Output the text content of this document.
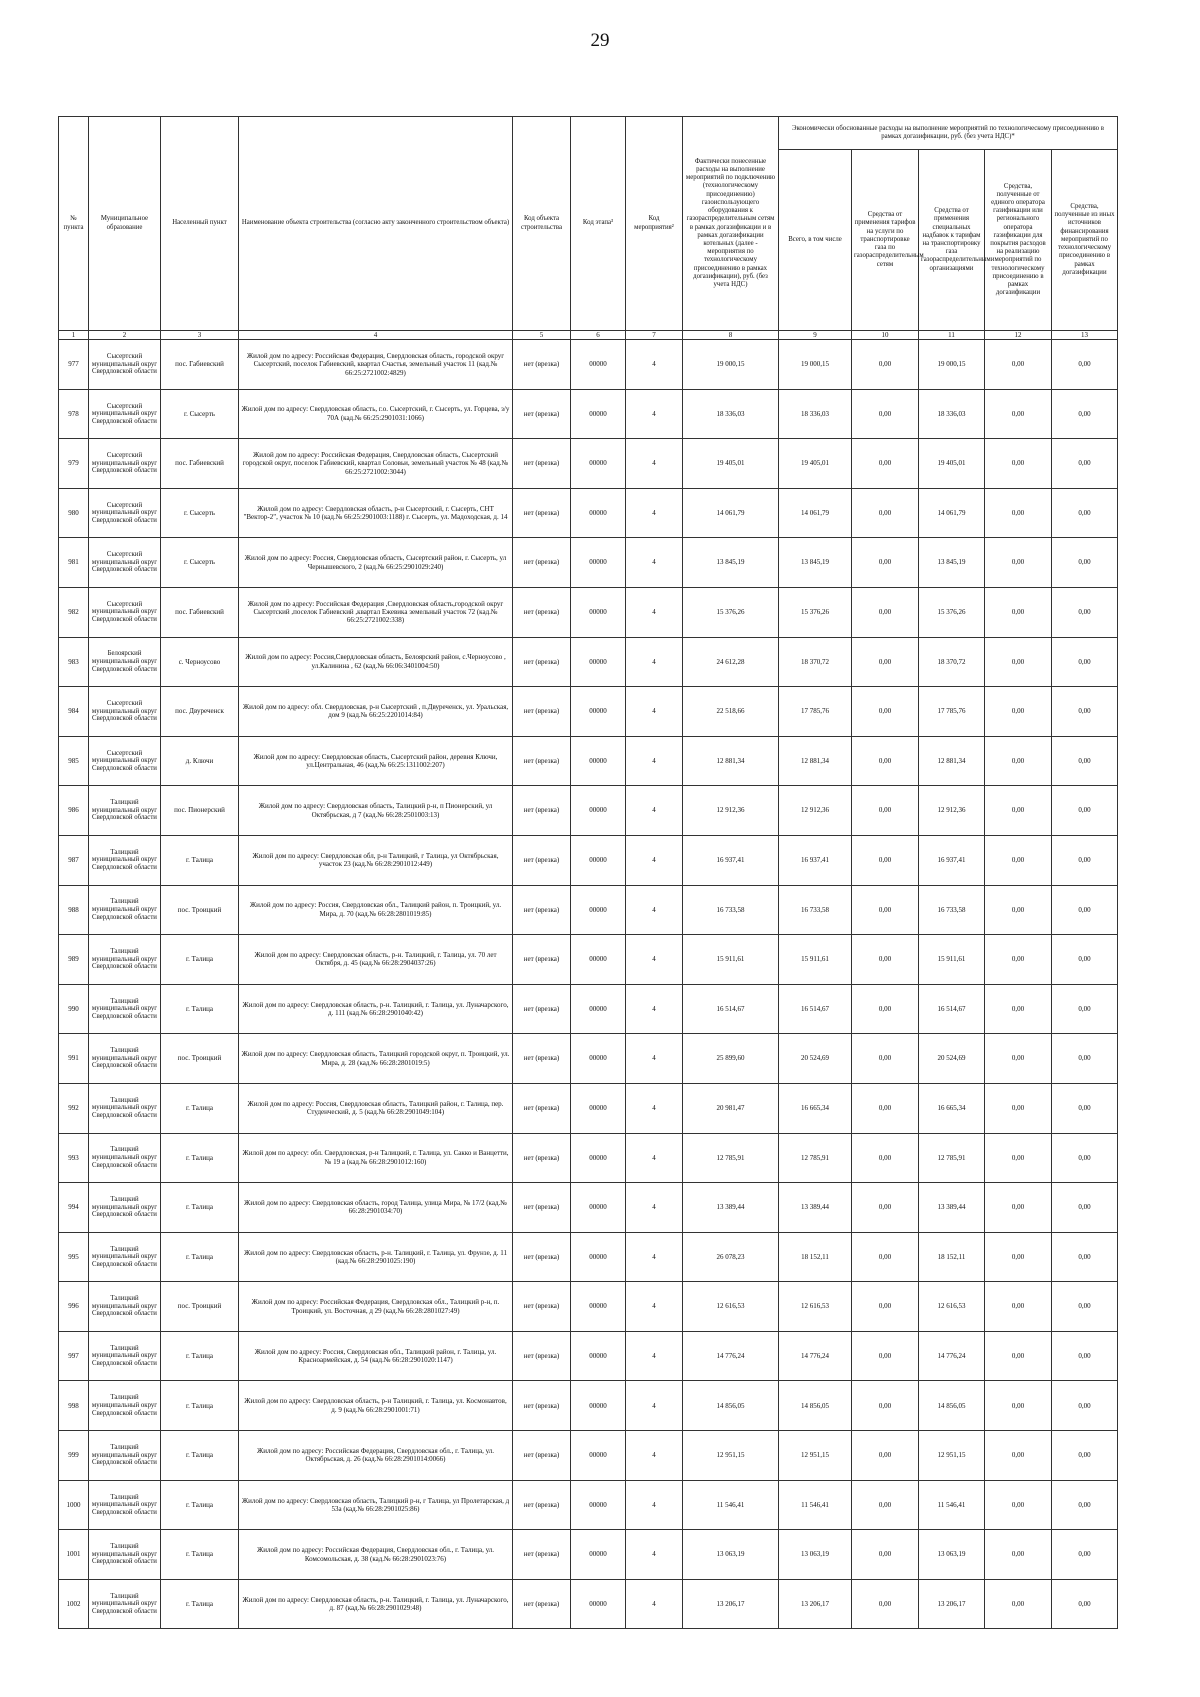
29
№ пункта	Муниципальное образование	Населенный пункт	Наименование объекта строительства (согласно акту законченного строительством объекта)	Код объекта строительства	Код этапа³	Код мероприятия²	Фактически понесенные расходы на выполнение мероприятий по подключению (технологическому присоединению) газоиспользующего оборудования к газораспределительным сетям в рамках догазификации и в рамках догазификации котельных (далее - мероприятия по технологическому присоединению в рамках догазификации), руб. (без учета НДС)	Экономически обоснованные расходы на выполнение мероприятий по технологическому присоединению в рамках догазификации, руб. (без учета НДС)*				
								Всего, в том числе	Средства от применения тарифов на услуги по транспортировке газа по газораспределительным сетям	Средства от применения специальных надбавок к тарифам на транспортировку газа газораспределительными организациями	Средства, полученные от единого оператора газификации или регионального оператора газификации для покрытия расходов на реализацию мероприятий по технологическому присоединению в рамках догазификации	Средства, полученные из иных источников финансирования мероприятий по технологическому присоединению в рамках догазификации
1	2	3	4	5	6	7	8	9	10	11	12	13
977	Сысертский муниципальный округ Свердловской области	пос. Габиевский	Жилой дом по адресу: Российская Федерация, Свердловская область, городской округ Сысертский, поселок Габиевский, квартал Счастья, земельный участок 11 (кад.№ 66:25:2721002:4829)	нет (врезка)	00000	4	19 000,15	19 000,15	0,00	19 000,15	0,00	0,00
978	Сысертский муниципальный округ Свердловской области	г. Сысерть	Жилой дом по адресу: Свердловская область, г.о. Сысертский, г. Сысерть, ул. Горцева, з/у 70А (кад.№ 66:25:2901031:1066)	нет (врезка)	00000	4	18 336,03	18 336,03	0,00	18 336,03	0,00	0,00
979	Сысертский муниципальный округ Свердловской области	пос. Габиевский	Жилой дом по адресу: Российская Федерация, Свердловская область, Сысертский городской округ, поселок Габиевский, квартал Соловьи, земельный участок № 48 (кад.№ 66:25:2721002:3044)	нет (врезка)	00000	4	19 405,01	19 405,01	0,00	19 405,01	0,00	0,00
980	Сысертский муниципальный округ Свердловской области	г. Сысерть	Жилой дом по адресу: Свердловская область, р-н Сысертский, г. Сысерть, СНТ "Вектор-2", участок № 10 (кад.№ 66:25:2901003:1188) г. Сысерть, ул. Мадоходская, д. 14	нет (врезка)	00000	4	14 061,79	14 061,79	0,00	14 061,79	0,00	0,00
981	Сысертский муниципальный округ Свердловской области	г. Сысерть	Жилой дом по адресу: Россия, Свердловская область, Сысертский район, г. Сысерть, ул Чернышевского, 2 (кад.№ 66:25:2901029:240)	нет (врезка)	00000	4	13 845,19	13 845,19	0,00	13 845,19	0,00	0,00
982	Сысертский муниципальный округ Свердловской области	пос. Габиевский	Жилой дом по адресу: Российская Федерация ,Свердловская область,городской округ Сысертский ,поселок Габиевский ,квартал Ежевика земельный участок 72 (кад.№ 66:25:2721002:338)	нет (врезка)	00000	4	15 376,26	15 376,26	0,00	15 376,26	0,00	0,00
983	Белоярский муниципальный округ Свердловской области	с. Черноусово	Жилой дом по адресу: Россия,Свердловская область, Белоярский район, с.Черноусово , ул.Калинина , 62 (кад.№ 66:06:3401004:50)	нет (врезка)	00000	4	24 612,28	18 370,72	0,00	18 370,72	0,00	0,00
984	Сысертский муниципальный округ Свердловской области	пос. Двуреченск	Жилой дом по адресу: обл. Свердловская, р-н Сысертский , п.Двуреченск, ул. Уральская, дом 9 (кад.№ 66:25:2201014:84)	нет (врезка)	00000	4	22 518,66	17 785,76	0,00	17 785,76	0,00	0,00
985	Сысертский муниципальный округ Свердловской области	д. Ключи	Жилой дом по адресу: Свердловская область, Сысертский район, деревня Ключи, ул.Центральная, 46 (кад.№ 66:25:1311002:207)	нет (врезка)	00000	4	12 881,34	12 881,34	0,00	12 881,34	0,00	0,00
986	Талицкий муниципальный округ Свердловской области	пос. Пионерский	Жилой дом по адресу: Свердловская область, Талицкий р-н, п Пионерский, ул Октябрьская, д 7 (кад.№ 66:28:2501003:13)	нет (врезка)	00000	4	12 912,36	12 912,36	0,00	12 912,36	0,00	0,00
987	Талицкий муниципальный округ Свердловской области	г. Талица	Жилой дом по адресу: Свердловская обл, р-н Талицкий, г Талица, ул Октябрьская, участок 23 (кад.№ 66:28:2901012:449)	нет (врезка)	00000	4	16 937,41	16 937,41	0,00	16 937,41	0,00	0,00
988	Талицкий муниципальный округ Свердловской области	пос. Троицкий	Жилой дом по адресу: Россия, Свердловская обл., Талицкий район, п. Троицкий, ул. Мира, д. 70 (кад.№ 66:28:2801019:85)	нет (врезка)	00000	4	16 733,58	16 733,58	0,00	16 733,58	0,00	0,00
989	Талицкий муниципальный округ Свердловской области	г. Талица	Жилой дом по адресу: Свердловская область, р-н. Талицкий, г. Талица, ул. 70 лет Октября, д. 45 (кад.№ 66:28:2904037:26)	нет (врезка)	00000	4	15 911,61	15 911,61	0,00	15 911,61	0,00	0,00
990	Талицкий муниципальный округ Свердловской области	г. Талица	Жилой дом по адресу: Свердловская область, р-н. Талицкий, г. Талица, ул. Луначарского, д. 111 (кад.№ 66:28:2901040:42)	нет (врезка)	00000	4	16 514,67	16 514,67	0,00	16 514,67	0,00	0,00
991	Талицкий муниципальный округ Свердловской области	пос. Троицкий	Жилой дом по адресу: Свердловская область, Талицкий городской округ, п. Троицкий, ул. Мира, д. 28 (кад.№ 66:28:2801019:5)	нет (врезка)	00000	4	25 899,60	20 524,69	0,00	20 524,69	0,00	0,00
992	Талицкий муниципальный округ Свердловской области	г. Талица	Жилой дом по адресу: Россия, Свердловская область, Талицкий район, г. Талица, пер. Студенческий, д. 5 (кад.№ 66:28:2901049:104)	нет (врезка)	00000	4	20 981,47	16 665,34	0,00	16 665,34	0,00	0,00
993	Талицкий муниципальный округ Свердловской области	г. Талица	Жилой дом по адресу: обл. Свердловская, р-н Талицкий, г. Талица, ул. Сакко и Ванцетти, № 19 а (кад.№ 66:28:2901012:160)	нет (врезка)	00000	4	12 785,91	12 785,91	0,00	12 785,91	0,00	0,00
994	Талицкий муниципальный округ Свердловской области	г. Талица	Жилой дом по адресу: Свердловская область, город Талица, улица Мира, № 17/2 (кад.№ 66:28:2901034:70)	нет (врезка)	00000	4	13 389,44	13 389,44	0,00	13 389,44	0,00	0,00
995	Талицкий муниципальный округ Свердловской области	г. Талица	Жилой дом по адресу: Свердловская область, р-н. Талицкий, г. Талица, ул. Фрунзе, д. 11 (кад.№ 66:28:2901025:190)	нет (врезка)	00000	4	26 078,23	18 152,11	0,00	18 152,11	0,00	0,00
996	Талицкий муниципальный округ Свердловской области	пос. Троицкий	Жилой дом по адресу: Российская Федерация, Свердловская обл., Талицкий р-н, п. Троицкий, ул. Восточная, д 29 (кад.№ 66:28:2801027:49)	нет (врезка)	00000	4	12 616,53	12 616,53	0,00	12 616,53	0,00	0,00
997	Талицкий муниципальный округ Свердловской области	г. Талица	Жилой дом по адресу: Россия, Свердловская обл., Талицкий район, г. Талица, ул. Красноармейская, д. 54 (кад.№ 66:28:2901020:1147)	нет (врезка)	00000	4	14 776,24	14 776,24	0,00	14 776,24	0,00	0,00
998	Талицкий муниципальный округ Свердловской области	г. Талица	Жилой дом по адресу: Свердловская область, р-н Талицкий, г. Талица, ул. Космонавтов, д. 9 (кад.№ 66:28:2901001:71)	нет (врезка)	00000	4	14 856,05	14 856,05	0,00	14 856,05	0,00	0,00
999	Талицкий муниципальный округ Свердловской области	г. Талица	Жилой дом по адресу: Российская Федерация, Свердловская обл., г. Талица, ул. Октябрьская, д. 26 (кад.№ 66:28:2901014:0066)	нет (врезка)	00000	4	12 951,15	12 951,15	0,00	12 951,15	0,00	0,00
1000	Талицкий муниципальный округ Свердловской области	г. Талица	Жилой дом по адресу: Свердловская область, Талицкий р-н, г Талица, ул Пролетарская, д 53а (кад.№ 66:28:2901025:86)	нет (врезка)	00000	4	11 546,41	11 546,41	0,00	11 546,41	0,00	0,00
1001	Талицкий муниципальный округ Свердловской области	г. Талица	Жилой дом по адресу: Российская Федерация, Свердловская обл., г. Талица, ул. Комсомольская, д. 38 (кад.№ 66:28:2901023:76)	нет (врезка)	00000	4	13 063,19	13 063,19	0,00	13 063,19	0,00	0,00
1002	Талицкий муниципальный округ Свердловской области	г. Талица	Жилой дом по адресу: Свердловская область, р-н. Талицкий, г. Талица, ул. Луначарского, д. 87 (кад.№ 66:28:2901029:48)	нет (врезка)	00000	4	13 206,17	13 206,17	0,00	13 206,17	0,00	0,00
